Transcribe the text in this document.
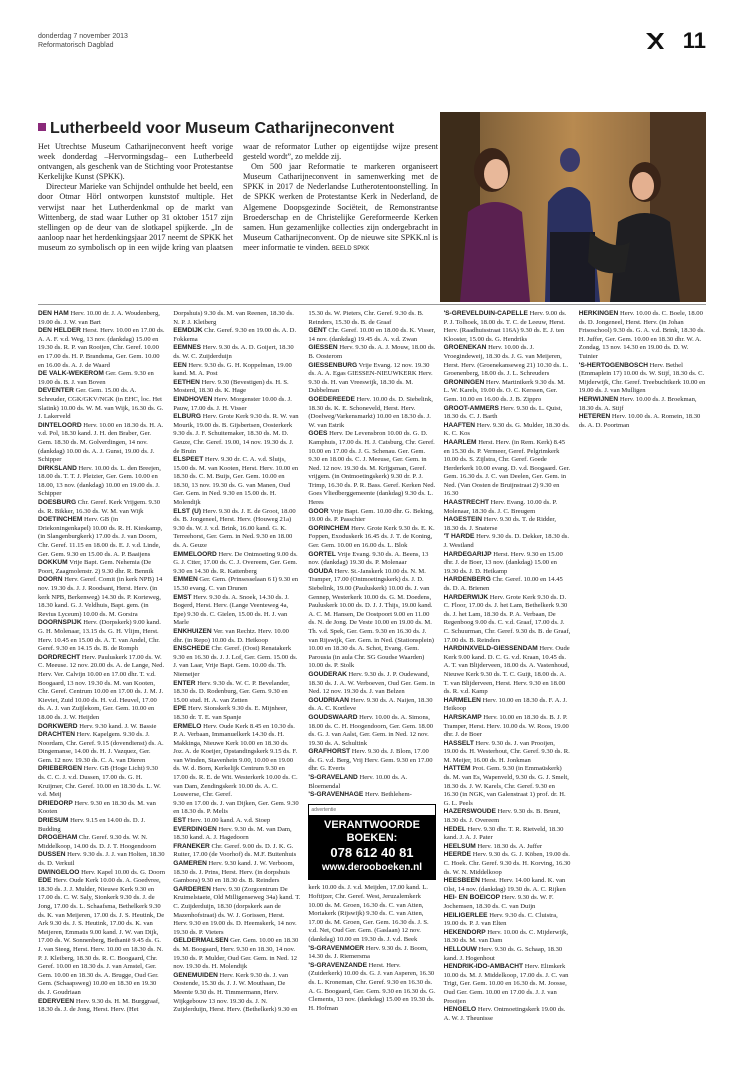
donderdag 7 november 2013
Reformatorisch Dagblad	11
Lutherbeeld voor Museum Catharijneconvent

Het Utrechtse Museum Catharijneconvent heeft vorige week donderdag –Hervormingsdag– een Lutherbeeld ontvangen, als geschenk van de Stichting voor Protestantse Kerkelijke Kunst (SPKK).

Directeur Marieke van Schijndel onthulde het beeld, een door Otmar Hörl ontworpen kunststof multiple. Het verwijst naar het Lutherdenkmal op de markt van Wittenberg, de stad waar Luther op 31 oktober 1517 zijn stellingen op de deur van de slotkapel spijkerde. „In de aanloop naar het herdenkingsjaar 2017 neemt de SPKK het museum zo symbolisch op in een wijde kring van plaatsen waar de reformator Luther op eigentijdse wijze present gesteld wordt”, zo meldde zij.

Om 500 jaar Reformatie te markeren organiseert Museum Catharijneconvent in samenwerking met de SPKK in 2017 de Nederlandse Lutherotentoonstelling. In de SPKK werken de Protestantse Kerk in Nederland, de Algemene Doopsgezinde Sociëteit, de Remonstrantse Broederschap en de Christelijke Gereformeerde Kerken samen. Hun gezamenlijke collecties zijn ondergebracht in Museum Catharijneconvent. Op de nieuwe site SPKK.nl is meer informatie te vinden. BEELD SPKK

DEN HAM Herv. 10.00 dr. J. A. Woudenberg, 19.00 ds. J. W. van Bart

DEN HELDER Herst. Herv. 10.00 en 17.00 ds. A. A. F. v.d. Weg, 13 nov. (dankdag) 15.00 en 19.30 ds. R. P. van Rooijen, Chr. Geref. 10.00 en 17.00 ds. H. P. Brandsma, Ger. Gem. 10.00 en 16.00 ds. A. J. de Waard

DE VALK-WEKEROM Ger. Gem. 9.30 en 19.00 ds. B. J. van Boven

DEVENTER Ger. Gem. 15.00 ds. A. Schreuder, CGK/GKV/NGK (in EHC, loc. Het Slatink) 10.00 ds. W. M. van Wijk, 16.30 ds. G. J. Lakerveld

DINTELOORD Herv. 10.00 en 18.30 ds. H. A. v.d. Pol, 18.30 kand. J. H. den Braber, Ger. Gem. 18.30 ds. M. Golverdingen, 14 nov. (dankdag) 10.00 ds. A. J. Gunst, 19.00 ds. J. Schipper

DIRKSLAND Herv. 10.00 ds. L. den Breejen, 18.00 ds. T. T. J. Pleizier, Ger. Gem. 10.00 en 18.00, 13 nov. (dankdag) 10.00 en 19.00 ds. J. Schipper

DOESBURG Chr. Geref. Kerk Vrijgem. 9.30 ds. R. Bikker, 16.30 ds. W. M. van Wijk

DOETINCHEM Herv. GB (in Driekoningenkapel) 10.00 ds. R. H. Kieskamp, (in Slangenburgkerk) 17.00 ds. J. van Doorn, Chr. Geref. 11.15 en 18.00 ds. E. J. v.d. Linde, Ger. Gem. 9.30 en 15.00 ds. A. P. Baaijens

DOKKUM Vrije Bapt. Gem. Nehemia (De Poort, Zaagmolenstr. 2) 9.30 dhr. R. Bennik

DOORN Herv. Geref. Comit (in kerk NPB) 14 nov. 19.30 ds. J. J. Roodsant, Herst. Herv. (in kerk NPB, Berkenweg) 14.30 ds. P. Korteweg, 18.30 kand. G. J. Veldhuis, Bapt. gem. (in Revius Lyceum) 10.00 ds. M. Gorsira

DOORNSPIJK Herv. (Dorpskerk) 9.00 kand. G. H. Molenaar, 13.15 ds. G. H. Vlijm, Herst. Herv. 10.45 en 15.00 ds. A. T. van Andel, Chr. Geref. 9.30 en 14.15 ds. B. de Romph

DORDRECHT Herv. Pauluskerk 17.00 ds. W. C. Meeuse. 12 nov. 20.00 ds. A. de Lange, Ned. Herv. Ver. Calvijn 10.00 en 17.00 dhr. T. v.d. Boogaard, 13 nov. 19.30 ds. M. van Kooten, Chr. Geref. Centrum 10.00 en 17.00 ds. J. M. J. Kieviet, Zuid 10.00 ds. H. v.d. Heuvel, 17.00 ds. A. J. van Zuijlekom, Ger. Gem. 10.00 en 18.00 ds. J. W. Heijden

DORKWERD Herv. 9.30 kand. J. W. Bassie

DRACHTEN Herv. Kapelgem. 9.30 ds. J. Noordam, Chr. Geref. 9.15 (dovendienst) ds. A. Dingemanse, 14.00 ds. H. J. Vazquez, Ger. Gem. 12 nov. 19.30 ds. C. A. van Dieren

DRIEBERGEN Herv. GB (Hoge Licht) 9.30 ds. C. C. J. v.d. Dussen, 17.00 ds. G. H. Kruijmer, Chr. Geref. 10.00 en 18.30 ds. L. W. v.d. Meij

DRIEDORP Herv. 9.30 en 18.30 ds. M. van Kooten

DRIESUM Herv. 9.15 en 14.00 ds. D. J. Budding

DROGEHAM Chr. Geref. 9.30 ds. W. N. Middelkoop, 14.00 ds. D. J. T. Hoogendoorn

DUSSEN Herv. 9.30 ds. J. J. van Holten, 18.30 ds. D. Verkuil

DWINGELOO Herv. Kapel 10.00 ds. G. Doorn

EDE Herv. Oude Kerk 10.00 ds. A. Goedvree, 18.30 ds. J. J. Mulder, Nieuwe Kerk 9.30 en 17.00 ds. C. W. Saly, Sionkerk 9.30 ds. J. de Jong, 17.00 ds. L. Schaafsma, Bethelkerk 9.30 ds. K. van Meijeren, 17.00 ds. J. S. Heutink, De Ark 9.30 ds. J. S. Heutink, 17.00 ds. K. van Meijeren, Emmaüs 9.00 kand. J. W. van Dijk, 17.00 ds. W. Sonnenberg, Bethanië 9.45 ds. G. J. van Steeg, Herst. Herv. 10.00 en 18.30 ds. N. P. J. Kleiberg, 18.30 ds. R. C. Boogaard, Chr. Geref. 10.00 en 18.30 ds. J. van Amstel, Ger. Gem. 10.00 en 18.30 ds. A. Brugge, Oud Ger. Gem. (Schaapsweg) 10.00 en 18.30 en 19.30 ds. J. Goudriaan

EDERVEEN Herv. 9.30 ds. H. M. Burggraaf, 18.30 ds. J. de Jong, Herst. Herv. (Het Dorpshuis) 9.30 ds. M. van Reenen, 18.30 ds. N. P. J. Kleiberg

EEMDIJK Chr. Geref. 9.30 en 19.00 ds. A. D. Fokkema

EEMNES Herv. 9.30 ds. A. D. Goijert, 18.30 ds. W. C. Zuijderduijn

EEN Herv. 9.30 ds. G. H. Koppelman, 19.00 kand. M. A. Post

EETHEN Herv. 9.30 (Bevestigen) ds. H. S. Mosterd, 18.30 ds. K. Hage

EINDHOVEN Herv. Morgenster 10.00 ds. J. Pauw, 17.00 ds. J. H. Visser

ELBURG Herv. Grote Kerk 9.30 ds. R. W. van Mourik, 19.00 ds. B. Gijsbertsen, Oosterkerk 9.30 ds. J. F. Schuitemaker, 18.30 ds. M. D. Geuze, Chr. Geref. 19.00, 14 nov. 19.30 ds. J. de Bruin

ELSPEET Herv. 9.30 dr. C. A. v.d. Sluijs, 15.00 ds. M. van Kooten, Herst. Herv. 10.00 en 18.30 ds. C. M. Buijs, Ger. Gem. 10.00 en 18.30, 13 nov. 19.30 ds. G. van Manen, Oud Ger. Gem. in Ned. 9.30 en 15.00 ds. H. Molendijk

ELST (U) Herv. 9.30 ds. J. E. de Groot, 18.00 ds. B. Jongeneel, Herst. Herv. (Houweg 21a) 9.30 ds. W. J. v.d. Brink, 16.00 kand. G. K. Terreehorst, Ger. Gem. in Ned. 9.30 en 18.00 ds. A. Geuze

EMMELOORD Herv. De Ontmoeting 9.00 ds. G. J. Ctter, 17.00 ds. C. J. Overeem, Ger. Gem. 9.30 en 14.30 ds. R. Kattenberg

EMMEN Ger. Gem. (Prinsesselaan 6 I) 9.30 en 15.30 evang. C. van Drunen

EMST Herv. 9.30 ds. A. Snoek, 14.30 ds. J. Bogerd, Herst. Herv. (Lange Veenteweg 4a, Epe) 9.30 ds. C. Gielen, 15.00 ds. H. J. van Marle

ENKHUIZEN Ver. van Rechtz. Herv. 10.00 dhr. (in Repo) 10.00 ds. D. Heikoop

ENSCHEDE Chr. Geref. (Oost) Renatakerk 9.30 en 16.30 ds. J. J. Lof, Ger. Gem. 15.00 ds. J. van Laar, Vrije Bapt. Gem. 10.00 ds. Th. Niemeijer

ENTER Herv. 9.30 ds. W. C. P. Bevelander, 18.30 ds. D. Rodenburg, Ger. Gem. 9.30 en 15.00 stud. H. A. van Zetten

EPE Herv. Sionskerk 9.30 ds. E. Mijnheer, 18.30 dr. T. E. van Spanje

ERMELO Herv. Oude Kerk 8.45 en 10.30 ds. P. A. Verbaan, Immanuelkerk 14.30 ds. H. Makkinga, Nieuwe Kerk 10.00 en 18.30 ds. Joz. A. de Koeijer, Opstandingskerk 9.15 ds. F. van Winden, Stavenhein 9.00, 10.00 en 19.00 ds. W. d. Born, Kerkelijk Centrum 9.30 en 17.00 ds. R. E. de Wit. Westerkerk 10.00 ds. C. van Dam, Zendingskerk 10.00 ds. A. C. Louwerse, Chr. Geref.

9.30 en 17.00 ds. J. van Dijken, Ger. Gem. 9.30 en 18.30 ds. P. Melis

EST Herv. 10.00 kand. A. v.d. Stoep

EVERDINGEN Herv. 9.30 ds. M. van Dam, 18.30 kand. A. J. Hagedoorn

FRANEKER Chr. Geref. 9.00 ds. D. J. K. G. Ruiter, 17.00 (de Voorhof) ds. M.F. Buitenhuis

GAMEREN Herv. 9.30 kand. J. W. Verboom, 18.30 ds. J. Prins, Herst. Herv. (in dorpshuis Gambora) 9.30 en 18.30 ds. B. Reinders

GARDEREN Herv. 9.30 (Zorgcentrum De Kruimelstaete, Old Milligenseweg 34a) kand. T. C. Zuijderduijn, 18.30 (dorpskerk aan de Mazenhofstraat) ds. W. J. Gorissen, Herst. Herv. 9.30 en 19.00 ds. D. Heemskerk, 14 nov. 19.30 ds. P. Vieters

GELDERMALSEN Ger. Gem. 10.00 en 18.30 ds. M. Boogaard, Herv. 9.30 en 18.30, 14 nov. 19.30 ds. P. Mulder, Oud Ger. Gem. in Ned. 12 nov. 19.30 ds. H. Molendijk

GENEMUIDEN Herv. Kerk 9.30 ds. J. van Oostende, 15.30 ds. J. J. W. Mouthaan, De Meente 9.30 ds. H. Timmermann, Herv. Wijkgebouw 13 nov. 19.30 ds. J. N. Zuijderduijn, Herst. Herv. (Bethelkerk) 9.30 en 15.30 ds. W. Pieters, Chr. Geref. 9.30 ds. B. Reinders, 15.30 ds. B. de Graaf

GENT Chr. Geref. 10.00 en 18.00 ds. K. Visser, 14 nov. (dankdag) 19.45 ds. A. v.d. Zwan

GIESSEN Herv. 9.30 ds. A. J. Mouw, 18.00 ds. B. Oosterom

GIESSENBURG Vrije Evang. 12 nov. 19.30 ds. A. A. Egas GIESSEN-NIEUWKERK Herv. 9.30 ds. H. van Vreeswijk, 18.30 ds. M. Dubbelman

GOEDEREEDE Herv. 10.00 ds. D. Siebelink, 18.30 ds. K. E. Schoneveld, Herst. Herv. (Doelweg/Varkensmarkt) 10.00 en 18.30 ds. J. W. van Estrik

GOES Herv. De Levensbron 10.00 ds. G. D. Kamphuis, 17.00 ds. H. J. Catsburg, Chr. Geref. 10.00 en 17.00 ds. J. G. Schenau. Ger. Gem. 9.30 en 18.00 ds. C. J. Meeuse, Ger. Gem. in Ned. 12 nov. 19.30 ds. M. Krijgsman, Geref. vrijgem. (in Ontmoetingskerk) 9.30 dr. P. J. Trimp, 16.30 ds. P. R. Bass. Geref. Kerken Ned. Goes Vliedberggemeente (dankdag) 9.30 ds. L. Heres

GOOR Vrije Bapt. Gem. 10.00 dhr. G. Beking, 19.00 ds. P. Passchier

GORINCHEM Herv. Grote Kerk 9.30 ds. E. K. Foppen, Exoduskerk 16.45 ds. J. T. de Koning, Ger. Gem. 10.00 en 16.00 ds. L. Blok

GORTEL Vrije Evang. 9.30 ds. A. Beens, 13 nov. (dankdag) 19.30 ds. P. Molenaar

GOUDA Herv. St.-Janskerk 10.00 ds. N. M. Tramper, 17.00 (Ontmoetingskerk) ds. J. D. Siebelink, 19.00 (Pauluskerk) 10.00 ds. J. van Gennep, Westerkerk 10.00 ds. G. M. Doedens, Pauluskerk 10.00 ds. D. J. J. Thijs, 19.00 kand. A. C. M. Hansen, De Oostpoort 9.00 en 11.00 ds. N. de Jong. De Veste 10.00 en 19.00 ds. M. Th. v.d. Spek, Ger. Gem. 9.30 en 16.30 ds. J. van Rijswijk, Ger. Gem. in Ned. (Stationsplein) 10.00 en 18.30 ds. A. Schot, Evang. Gem. Parousia (in aula Chr. SG Goudse Waarden) 10.00 ds. P. Stolk

GOUDERAK Herv. 9.30 ds. J. P. Oudewand, 18.30 ds. J. A. W. Verboeven, Oud Ger. Gem. in Ned. 12 nov. 19.30 ds. J. van Belzen

GOUDRIAAN Herv. 9.30 ds. A. Naijen, 18.30 ds. A. C. Kortleve

GOUDSWAARD Herv. 10.00 ds. A. Simons, 18.00 ds. C. H. Hoogendoorn, Ger. Gem. 18.00 ds. G. J. van Aalst, Ger. Gem. in Ned. 12 nov. 19.30 ds. A. Schultink

GRAFHORST Herv. 9.30 ds. J. Blom, 17.00 ds. G. v.d. Berg, Vrij Herv. Gem. 9.30 en 17.00 dhr. G. Everts

'S-GRAVELAND Herv. 10.00 ds. A. Bloemendal

'S-GRAVENHAGE Herv. Bethlehem-

advertentie
VERANTWOORDE BOEKEN:
078 612 40 81
www.derooboeken.nl

kerk 10.00 ds. J. v.d. Meijden, 17.00 kand. L. Hoftijzer, Chr. Geref. West, Jeruzalemkerk 10.00 ds. M. Groen, 16.30 ds. C. van Atten, Moriakerk (Rijswijk) 9.30 ds. C. van Atten, 17.00 ds. M. Groen, Ger. Gem. 16.30 ds. J. S. v.d. Net, Oud Ger. Gem. (Gaslaan) 12 nov. (dankdag) 10.00 en 19.30 ds. J. v.d. Beek

'S-GRAVENMOER Herv. 9.30 ds. J. Boom, 14.30 ds. J. Riemersma

'S-GRAVENZANDE Herst. Herv. (Zuiderkerk) 10.00 ds. G. J. van Asperen, 16.30 ds. L. Kroneman, Chr. Geref. 9.30 en 16.30 ds. A. G. Boogaard, Ger. Gem. 9.30 en 16.30 ds. G. Clements, 13 nov. (dankdag) 15.00 en 19.30 ds. H. Hofman

'S-GREVELDUIN-CAPELLE Herv. 9.00 ds. P. J. Tolhoek, 18.00 ds. T. C. de Leeuw, Herst. Herv. (Raadhuisstraat 116A) 9.30 ds. E. J. ten Klooster, 15.00 ds. G. Hendriks

GROENEKAN Herv. 10.00 ds. J. Vroegindeweij, 18.30 ds. J. G. van Meijeren, Herst. Herv. (Groenekanseweg 21) 10.30 ds. L. Groenenberg, 18.00 ds. J. L. Schreuders

GRONINGEN Herv. Martinikerk 9.30 ds. M. L. W. Karels, 19.00 ds. O. C. Kerssen, Ger. Gem. 10.00 en 16.00 ds. J. B. Zippro

GROOT-AMMERS Herv. 9.30 ds. L. Quist, 18.30 ds. C. J. Barth

HAAFTEN Herv. 9.30 ds. G. Mulder, 18.30 ds. K. C. Kos

HAARLEM Herst. Herv. (in Rem. Kerk) 8.45 en 15.30 ds. P. Vermeer, Geref. Pelgrimkerk 10.00 ds. S. Zijlstra, Chr. Geref. Goede Herderkerk 10.00 evang. D. v.d. Boogaard. Ger. Gem. 16.30 ds. J. C. van Deelen, Ger. Gem. in Ned. (Van Oosten de Bruijnstraat 2) 9.30 en 16.30

HAASTRECHT Herv. Evang. 10.00 ds. P. Molenaar, 18.30 ds. J. C. Breugem

HAGESTEIN Herv. 9.30 ds. T. de Ridder, 18.30 ds. J. Snaterse

'T HARDE Herv. 9.30 ds. D. Dekker, 18.30 ds. J. Westland

HARDEGARIJP Herst. Herv. 9.30 en 15.00 dhr. J. de Boer, 13 nov. (dankdag) 15.00 en 19.30 ds. J. D. Heikamp

HARDENBERG Chr. Geref. 10.00 en 14.45 ds. D. A. Brienen

HARDERWIJK Herv. Grote Kerk 9.30 ds. D. C. Floor, 17.00 ds. J. het Lam, Bethelkerk 9.30 ds. J. het Lam, 18.30 ds. P. A. Verbaan, De Regenboog 9.00 ds. C. v.d. Graaf, 17.00 ds. J. C. Schuurman, Chr. Geref. 9.30 ds. B. de Graaf, 17.00 ds. B. Reinders

HARDINXVELD-GIESSENDAM Herv. Oude Kerk 9.00 kand. D. C. G. v.d. Kraan, 10.45 ds. A. T. van Blijderveen, 18.00 ds. A. Vastenhoud, Nieuwe Kerk 9.30 ds. T. C. Guijt, 18.00 ds. A. T. van Blijderveen, Herst. Herv. 9.30 en 18.00 ds. R. v.d. Kamp

HARMELEN Herv. 10.00 en 18.30 ds. F. A. J. Heikoop

HARSKAMP Herv. 10.00 en 18.30 ds. B. J. P. Tramper, Herst. Herv. 10.00 ds. W. Roos, 19.00 dhr. J. de Boer

HASSELT Herv. 9.30 ds. J. van Prooijen, 19.00 ds. H. Westerhout, Chr. Geref. 9.30 ds. R. M. Meijer, 16.00 ds. H. Jonkman

HATTEM Prot. Gem. 9.30 (in Emmaüskerk) ds. M. van Es, Wapenveld, 9.30 ds. G. J. Smelt, 18.30 ds. J. W. Karels, Chr. Geref. 9.30 en 16.30 (in NGK, van Galenstraat 1) prof. dr. H. G. L. Peels

HAZERSWOUDE Herv. 9.30 ds. B. Brunt, 18.30 ds. J. Overeem

HEDEL Herv. 9.30 dhr. T. R. Rietveld, 18.30 kand. J. A. J. Pater

HEELSUM Herv. 18.30 ds. A. Juffer

HEERDE Herv. 9.30 ds. G. J. Köben, 19.00 ds. C. Hoek. Chr. Geref. 9.30 ds. H. Korving, 16.30 ds. W. N. Middelkoop

HEESBEEN Herst. Herv. 14.00 kand. K. van Olst, 14 nov. (dankdag) 19.30 ds. A. C. Rijken

HEI- EN BOEICOP Herv. 9.30 ds. W. F. Jochemsen, 18.30 ds. C. van Duijn

HEILIGERLEE Herv. 9.30 ds. C. Cluistra, 19.00 ds. P. J. van Elten

HEKENDORP Herv. 10.00 ds. C. Mijderwijk, 18.30 ds. M. van Dam

HELLOUW Herv. 9.30 ds. G. Schaap, 18.30 kand. J. Hogenhout

HENDRIK-IDO-AMBACHT Herv. Elimkerk 10.00 ds. M. J. Middelkoop, 17.00 ds. J. C. van Trigt, Ger. Gem. 10.00 en 16.30 ds. M. Joosse, Oud Ger. Gem. 10.00 en 17.00 ds. J. J. van Prooijen

HENGELO Herv. Ontmoetingskerk 19.00 ds. A. W. J. Theunisse

HERKINGEN Herv. 10.00 ds. C. Boele, 18.00 ds. D. Jongeneel, Herst. Herv. (in Johan Frisoschool) 9.30 ds. G. A. v.d. Brink, 18.30 ds. H. Juffer, Ger. Gem. 10.00 en 18.30 dhr. W. A. Zondag, 13 nov. 14.30 en 19.00 ds. D. W. Tuinier

'S-HERTOGENBOSCH Herv. Bethel (Emmaplein 17) 10.00 ds. W. Stijf, 18.30 ds. C. Mijderwijk, Chr. Geref. Treebuchtkerk 10.00 en 19.00 ds. J. van Mulligen

HERWIJNEN Herv. 10.00 ds. J. Broekman, 18.30 ds. A. Stijf

HETEREN Herv. 10.00 ds. A. Romein, 18.30 ds. A. D. Poortman
